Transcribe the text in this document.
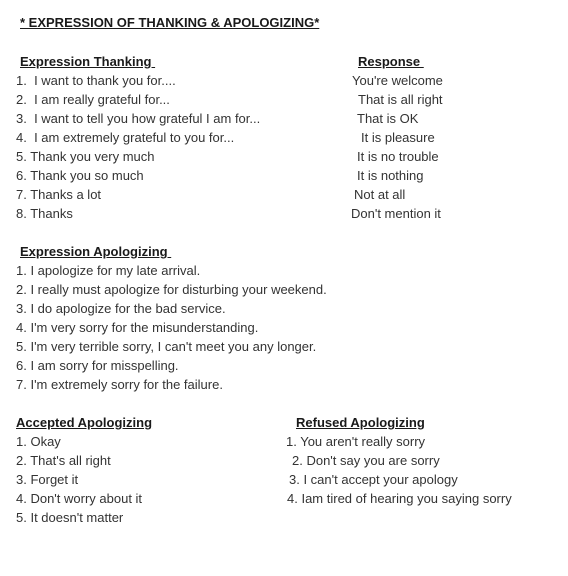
* EXPRESSION OF THANKING & APOLOGIZING*
Expression Thanking
1.  I want to thank you for....
2.  I am really grateful for...
3.  I want to tell you how grateful I am for...
4.  I am extremely grateful to you for...
5. Thank you very much
6. Thank you so much
7. Thanks a lot
8. Thanks
Response
You're welcome
That is all right
That is OK
It is pleasure
It is no trouble
It is nothing
Not at all
Don't mention it
Expression Apologizing
1. I apologize for my late arrival.
2. I really must apologize for disturbing your weekend.
3. I do apologize for the bad service.
4. I'm very sorry for the misunderstanding.
5. I'm very terrible sorry, I can't meet you any longer.
6. I am sorry for misspelling.
7. I'm extremely sorry for the failure.
Accepted Apologizing
1. Okay
2. That's all right
3. Forget it
4. Don't worry about it
5. It doesn't matter
Refused Apologizing
1. You aren't really sorry
2. Don't say you are sorry
3. I can't accept your apology
4. Iam tired of hearing you saying sorry
